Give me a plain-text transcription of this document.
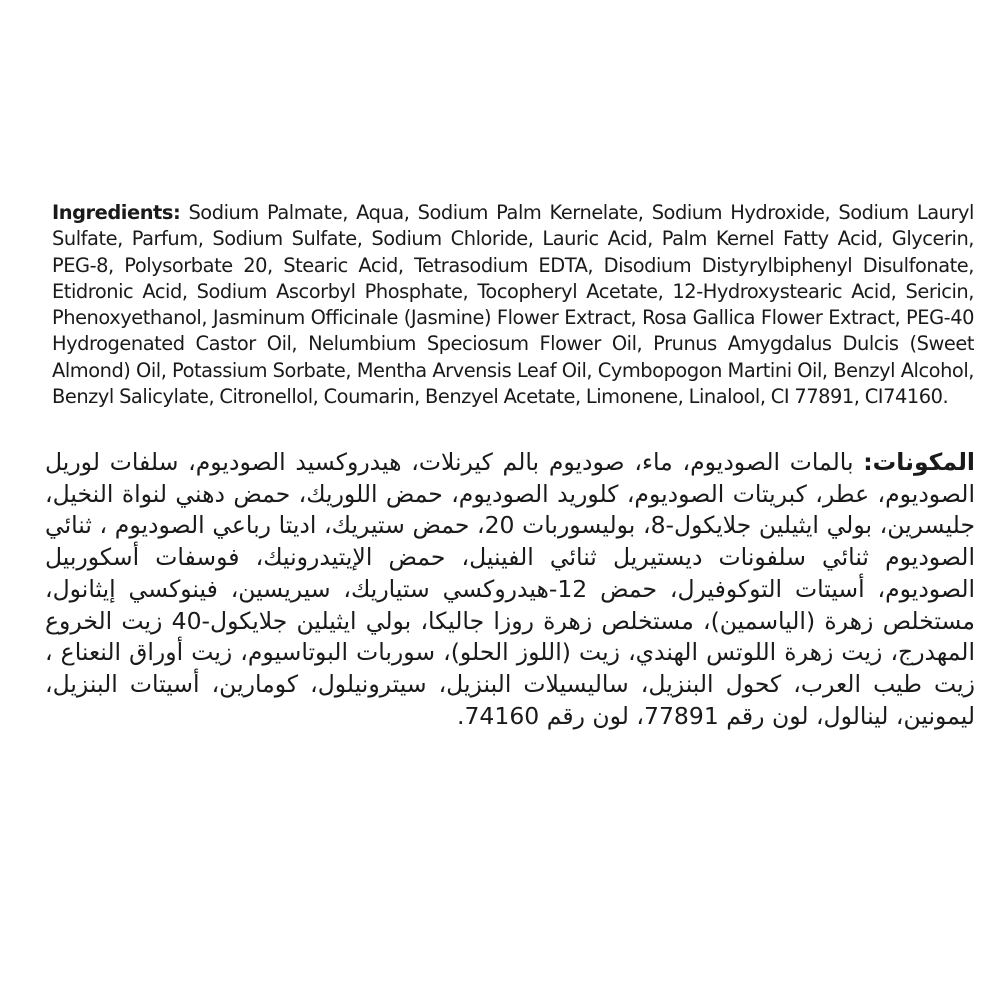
Ingredients: Sodium Palmate, Aqua, Sodium Palm Kernelate, Sodium Hydroxide, Sodium Lauryl Sulfate, Parfum, Sodium Sulfate, Sodium Chloride, Lauric Acid, Palm Kernel Fatty Acid, Glycerin, PEG-8, Polysorbate 20, Stearic Acid, Tetrasodium EDTA, Disodium Distyrylbiphenyl Disulfonate, Etidronic Acid, Sodium Ascorbyl Phosphate, Tocopheryl Acetate, 12-Hydroxystearic Acid, Sericin, Phenoxyethanol, Jasminum Officinale (Jasmine) Flower Extract, Rosa Gallica Flower Extract, PEG-40 Hydrogenated Castor Oil, Nelumbium Speciosum Flower Oil, Prunus Amygdalus Dulcis (Sweet Almond) Oil, Potassium Sorbate, Mentha Arvensis Leaf Oil, Cymbopogon Martini Oil, Benzyl Alcohol, Benzyl Salicylate, Citronellol, Coumarin, Benzyel Acetate, Limonene, Linalool, CI 77891, CI74160.
المكونات: بالمات الصوديوم، ماء، صوديوم بالم كيرنلات، هيدروكسيد الصوديوم، سلفات لوريل الصوديوم، عطر، كبريتات الصوديوم، كلوريد الصوديوم، حمض اللوريك، حمض دهني لنواة النخيل، جليسرين، بولي ايثيلين جلايكول-8، بوليسوربات 20، حمض ستيريك، اديتا رباعي الصوديوم ، ثنائي الصوديوم ثنائي سلفونات ديستيريل ثنائي الفينيل، حمض الإيتيدرونيك، فوسفات أسكوربيل الصوديوم، أسيتات التوكوفيرل، حمض 12-هيدروكسي ستياريك، سيريسين، فينوكسي إيثانول، مستخلص زهرة (الياسمين)، مستخلص زهرة روزا جاليكا، بولي ايثيلين جلايكول-40 زيت الخروع المهدرج، زيت زهرة اللوتس الهندي، زيت (اللوز الحلو)، سوربات البوتاسيوم، زيت أوراق النعناع ، زيت طيب العرب، كحول البنزيل، ساليسيلات البنزيل، سيترونيلول، كومارين، أسيتات البنزيل، ليمونين، لينالول، لون رقم 77891، لون رقم 74160.
